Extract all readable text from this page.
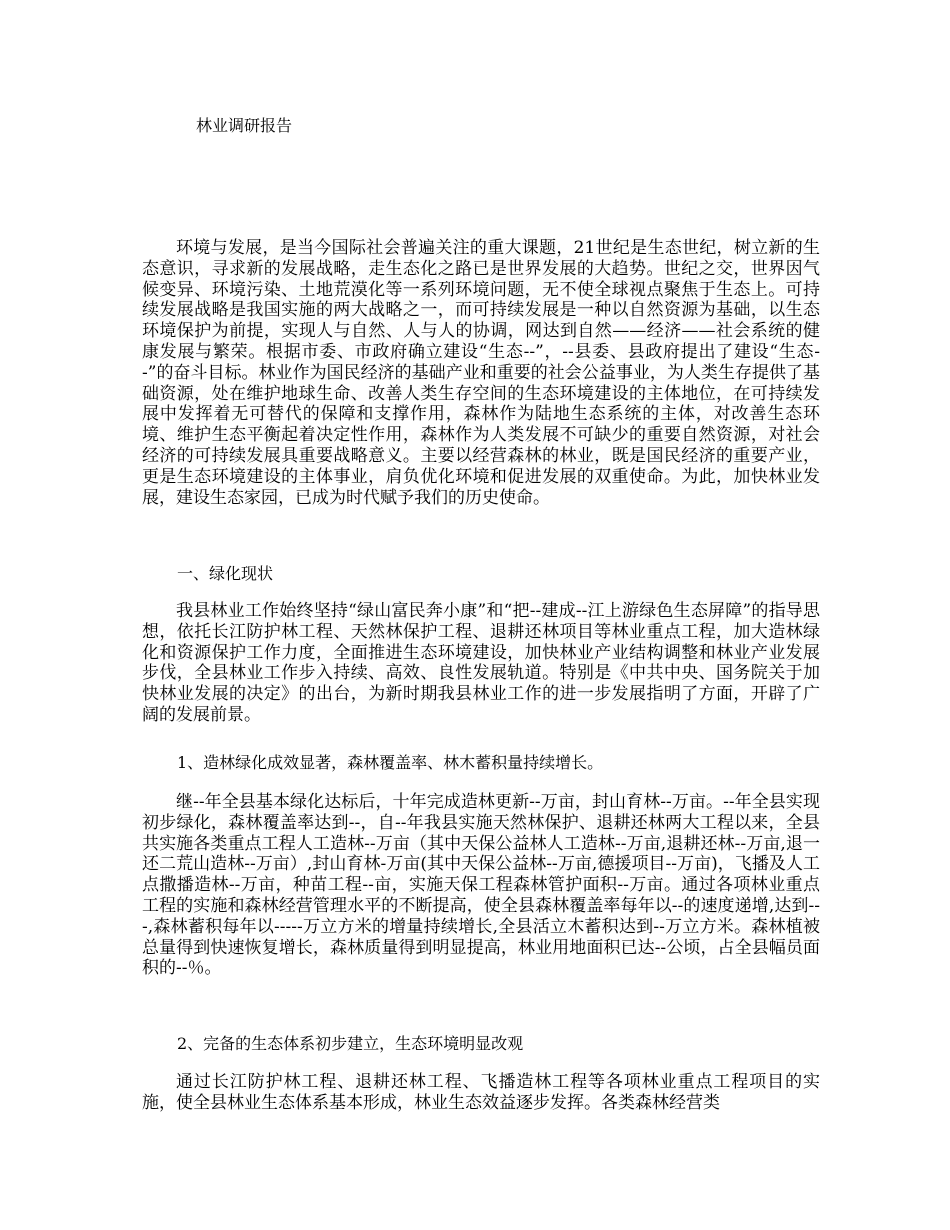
林业调研报告

环境与发展，是当今国际社会普遍关注的重大课题，21世纪是生态世纪，树立新的生态意识，寻求新的发展战略，走生态化之路已是世界发展的大趋势。世纪之交，世界因气候变异、环境污染、土地荒漠化等一系列环境问题，无不使全球视点聚焦于生态上。可持续发展战略是我国实施的两大战略之一，而可持续发展是一种以自然资源为基础，以生态环境保护为前提，实现人与自然、人与人的协调，网达到自然——经济——社会系统的健康发展与繁荣。根据市委、市政府确立建设“生态--”，--县委、县政府提出了建设“生态--”的奋斗目标。林业作为国民经济的基础产业和重要的社会公益事业，为人类生存提供了基础资源，处在维护地球生命、改善人类生存空间的生态环境建设的主体地位，在可持续发展中发挥着无可替代的保障和支撑作用，森林作为陆地生态系统的主体，对改善生态环境、维护生态平衡起着决定性作用，森林作为人类发展不可缺少的重要自然资源，对社会经济的可持续发展具重要战略意义。主要以经营森林的林业，既是国民经济的重要产业，更是生态环境建设的主体事业，肩负优化环境和促进发展的双重使命。为此，加快林业发展，建设生态家园，已成为时代赋予我们的历史使命。

一、绿化现状

我县林业工作始终坚持“绿山富民奔小康”和“把--建成--江上游绿色生态屏障”的指导思想，依托长江防护林工程、天然林保护工程、退耕还林项目等林业重点工程，加大造林绿化和资源保护工作力度，全面推进生态环境建设，加快林业产业结构调整和林业产业发展步伐，全县林业工作步入持续、高效、良性发展轨道。特别是《中共中央、国务院关于加快林业发展的决定》的出台，为新时期我县林业工作的进一步发展指明了方面，开辟了广阔的发展前景。

1、造林绿化成效显著，森林覆盖率、林木蓄积量持续增长。

继--年全县基本绿化达标后，十年完成造林更新--万亩，封山育林--万亩。--年全县实现初步绿化，森林覆盖率达到--，自--年我县实施天然林保护、退耕还林两大工程以来，全县共实施各类重点工程人工造林--万亩（其中天保公益林人工造林--万亩,退耕还林--万亩,退一还二荒山造林--万亩）,封山育林-万亩(其中天保公益林--万亩,德援项目--万亩)，飞播及人工点撒播造林--万亩，种苗工程--亩，实施天保工程森林管护面积--万亩。通过各项林业重点工程的实施和森林经营管理水平的不断提高，使全县森林覆盖率每年以--的速度递增,达到---,森林蓄积每年以-----万立方米的增量持续增长,全县活立木蓄积达到--万立方米。森林植被总量得到快速恢复增长，森林质量得到明显提高，林业用地面积已达--公顷，占全县幅员面积的--％。

2、完备的生态体系初步建立，生态环境明显改观

通过长江防护林工程、退耕还林工程、飞播造林工程等各项林业重点工程项目的实施，使全县林业生态体系基本形成，林业生态效益逐步发挥。各类森林经营类
